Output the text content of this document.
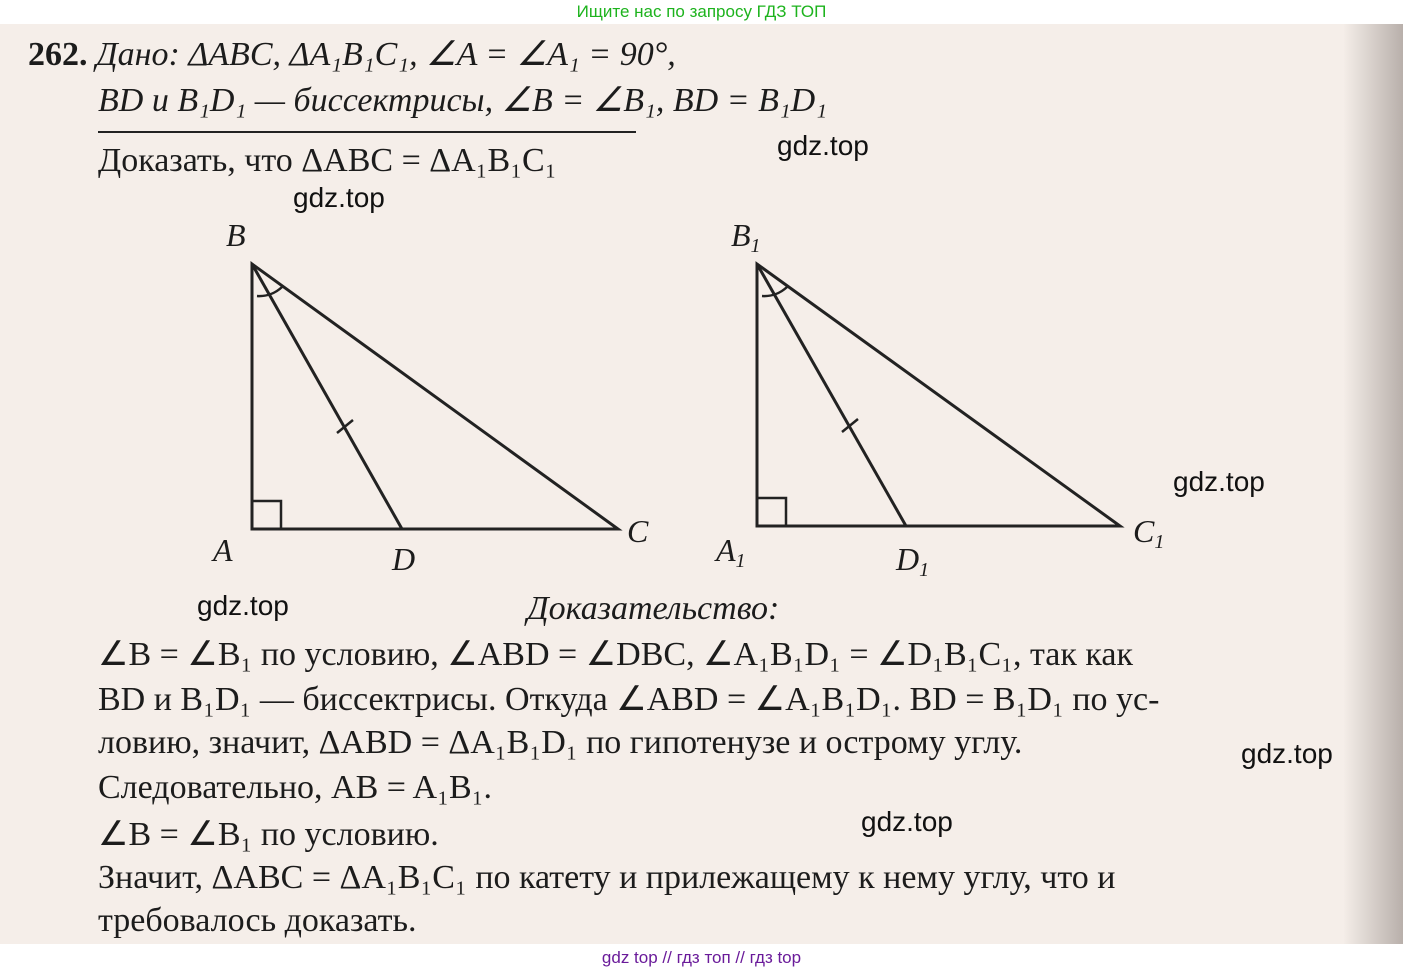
Ищите нас по запросу ГДЗ ТОП
262. Дано: ΔABC, ΔA₁B₁C₁, ∠A = ∠A₁ = 90°,
BD и B₁D₁ — биссектрисы, ∠B = ∠B₁, BD = B₁D₁
Доказать, что ΔABC = ΔA₁B₁C₁
B
A	D
C
B1
A1	D1
C1
Доказательство:
∠B = ∠B₁ по условию, ∠ABD = ∠DBC, ∠A₁B₁D₁ = ∠D₁B₁C₁, так как
BD и B₁D₁ — биссектрисы. Откуда ∠ABD = ∠A₁B₁D₁. BD = B₁D₁ по ус-
ловию, значит, ΔABD = ΔA₁B₁D₁ по гипотенузе и острому углу.
Следовательно, AB = A₁B₁.
∠B = ∠B₁ по условию.
Значит, ΔABC = ΔA₁B₁C₁ по катету и прилежащему к нему углу, что и
требовалось доказать.
gdz.top
gdz.top
gdz.top
gdz.top
gdz.top
gdz.top
gdz top // гдз топ // гдз top
